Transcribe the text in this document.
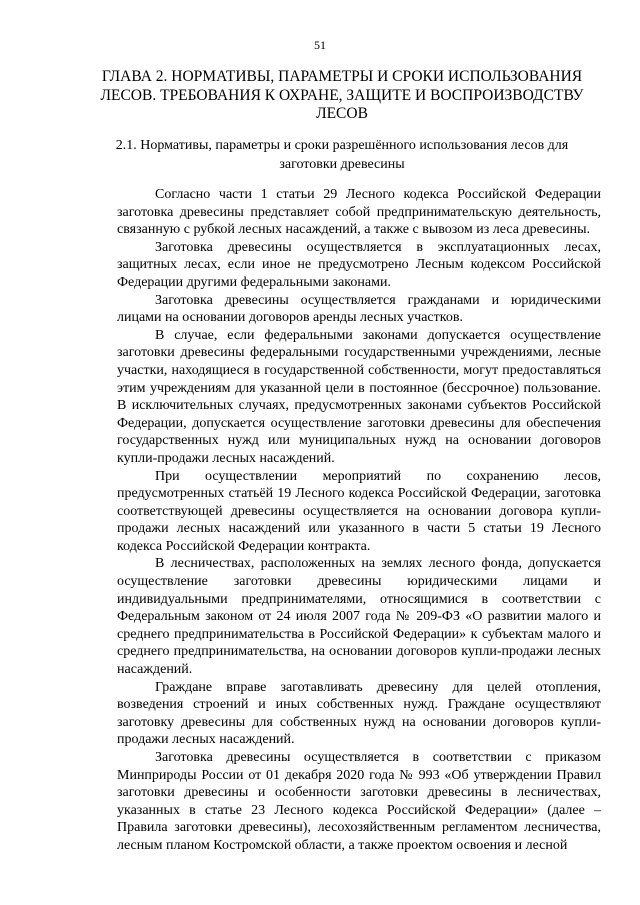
51
ГЛАВА 2. НОРМАТИВЫ, ПАРАМЕТРЫ И СРОКИ ИСПОЛЬЗОВАНИЯ ЛЕСОВ. ТРЕБОВАНИЯ К ОХРАНЕ, ЗАЩИТЕ И ВОСПРОИЗВОДСТВУ ЛЕСОВ
2.1. Нормативы, параметры и сроки разрешённого использования лесов для заготовки древесины

Согласно части 1 статьи 29 Лесного кодекса Российской Федерации заготовка древесины представляет собой предпринимательскую деятельность, связанную с рубкой лесных насаждений, а также с вывозом из леса древесины.

Заготовка древесины осуществляется в эксплуатационных лесах, защитных лесах, если иное не предусмотрено Лесным кодексом Российской Федерации другими федеральными законами.

Заготовка древесины осуществляется гражданами и юридическими лицами на основании договоров аренды лесных участков.

В случае, если федеральными законами допускается осуществление заготовки древесины федеральными государственными учреждениями, лесные участки, находящиеся в государственной собственности, могут предоставляться этим учреждениям для указанной цели в постоянное (бессрочное) пользование. В исключительных случаях, предусмотренных законами субъектов Российской Федерации, допускается осуществление заготовки древесины для обеспечения государственных нужд или муниципальных нужд на основании договоров купли-продажи лесных насаждений.

При осуществлении мероприятий по сохранению лесов, предусмотренных статьёй 19 Лесного кодекса Российской Федерации, заготовка соответствующей древесины осуществляется на основании договора купли-продажи лесных насаждений или указанного в части 5 статьи 19 Лесного кодекса Российской Федерации контракта.

В лесничествах, расположенных на землях лесного фонда, допускается осуществление заготовки древесины юридическими лицами и индивидуальными предпринимателями, относящимися в соответствии с Федеральным законом от 24 июля 2007 года № 209-ФЗ «О развитии малого и среднего предпринимательства в Российской Федерации» к субъектам малого и среднего предпринимательства, на основании договоров купли-продажи лесных насаждений.

Граждане вправе заготавливать древесину для целей отопления, возведения строений и иных собственных нужд. Граждане осуществляют заготовку древесины для собственных нужд на основании договоров купли-продажи лесных насаждений.

Заготовка древесины осуществляется в соответствии с приказом Минприроды России от 01 декабря 2020 года № 993 «Об утверждении Правил заготовки древесины и особенности заготовки древесины в лесничествах, указанных в статье 23 Лесного кодекса Российской Федерации» (далее – Правила заготовки древесины), лесохозяйственным регламентом лесничества, лесным планом Костромской области, а также проектом освоения и лесной
